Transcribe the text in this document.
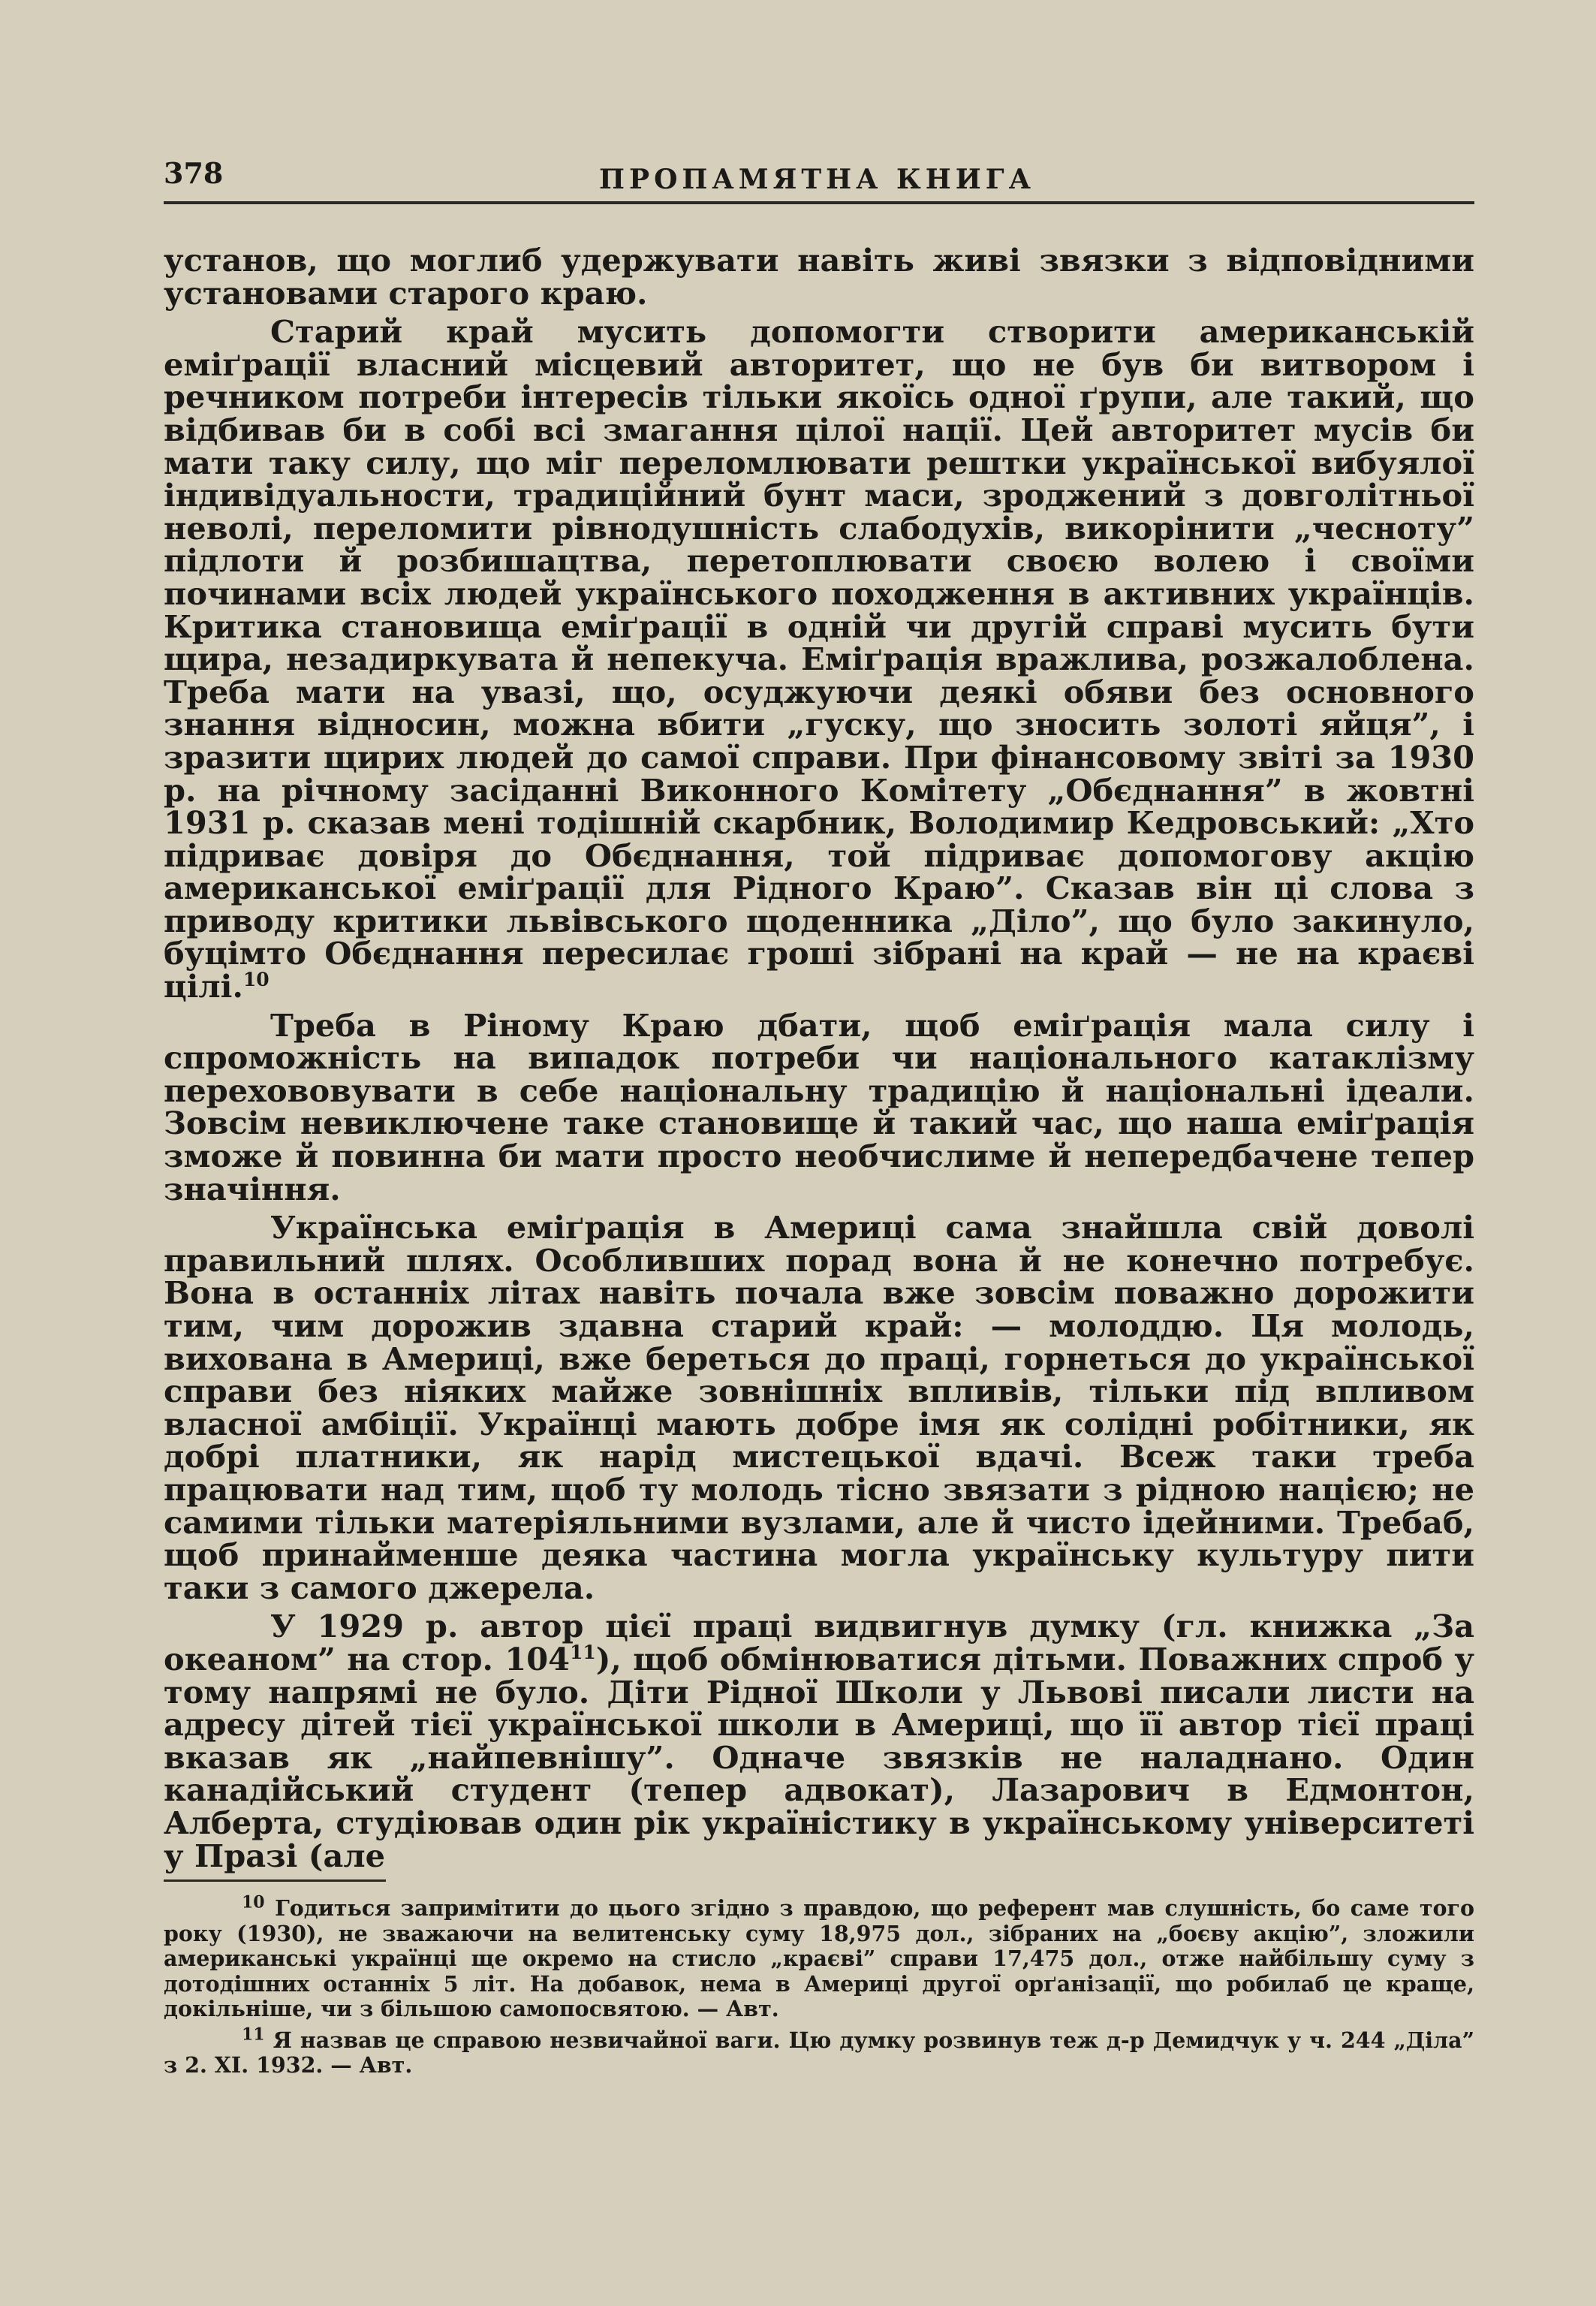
378	ПРОПАМЯТНА КНИГА

установ, що моглиб удержувати навіть живі звязки з відповідними установами старого краю.

Старий край мусить допомогти створити американській еміґрації власний місцевий авторитет, що не був би витвором і речником потреби інтересів тільки якоїсь одної ґрупи, але такий, що відбивав би в собі всі змагання цілої нації. Цей авторитет мусів би мати таку силу, що міг переломлювати рештки української вибуялої індивідуальности, традиційний бунт маси, зроджений з довголітньої неволі, переломити рівнодушність слабодухів, викорінити „чесноту” підлоти й розбишацтва, перетоплювати своєю волею і своїми починами всіх людей українського походження в активних українців. Критика становища еміґрації в одній чи другій справі мусить бути щира, незадиркувата й непекуча. Еміґрація вражлива, розжалоблена. Треба мати на увазі, що, осуджуючи деякі обяви без основного знання відносин, можна вбити „гуску, що зносить золоті яйця”, і зразити щирих людей до самої справи. При фінансовому звіті за 1930 р. на річному засіданні Виконного Комітету „Обєднання” в жовтні 1931 р. сказав мені тодішній скарбник, Володимир Кедровський: „Хто підриває довіря до Обєднання, той підриває допомогову акцію американської еміґрації для Рідного Краю”. Сказав він ці слова з приводу критики львівського щоденника „Діло”, що було закинуло, буцімто Обєднання пересилає гроші зібрані на край — не на краєві цілі.$^{10}$

Треба в Ріному Краю дбати, щоб еміґрація мала силу і спроможність на випадок потреби чи національного катаклізму перехововувати в себе національну традицію й національні ідеали. Зовсім невиключене таке становище й такий час, що наша еміґрація зможе й повинна би мати просто необчислиме й непередбачене тепер значіння.

Українська еміґрація в Америці сама знайшла свій доволі правильний шлях. Особливших порад вона й не конечно потребує. Вона в останніх літах навіть почала вже зовсім поважно дорожити тим, чим дорожив здавна старий край: — молоддю. Ця молодь, вихована в Америці, вже береться до праці, горнеться до української справи без ніяких майже зовнішніх впливів, тільки під впливом власної амбіції. Українці мають добре імя як солідні робітники, як добрі платники, як нарід мистецької вдачі. Всеж таки треба працювати над тим, щоб ту молодь тісно звязати з рідною нацією; не самими тільки матеріяльними вузлами, але й чисто ідейними. Требаб, щоб принайменше деяка частина могла українську культуру пити таки з самого джерела.

У 1929 р. автор цієї праці видвигнув думку (гл. книжка „За океаном” на стор. 104$^{11}$), щоб обмінюватися дітьми. Поважних спроб у тому напрямі не було. Діти Рідної Школи у Львові писали листи на адресу дітей тієї української школи в Америці, що її автор тієї праці вказав як „найпевнішу”. Одначе звязків не наладнано. Один канадійський студент (тепер адвокат), Лазарович в Едмонтон, Алберта, студіював один рік україністику в українському університеті у Празі (але

$^{10}$ Годиться запримітити до цього згідно з правдою, що референт мав слушність, бо саме того року (1930), не зважаючи на велитенську суму 18,975 дол., зібраних на „бoєву акцію”, зложили американські українці ще окремо на стисло „краєві” справи 17,475 дол., отже найбільшу суму з дотодішних останніх 5 літ. На добавок, нема в Америці другої орґанізації, що робилаб це краще, докільніше, чи з більшою самопосвятою. — Авт.

$^{11}$ Я назвав це справою незвичайної ваги. Цю думку розвинув теж д-р Демидчук у ч. 244 „Діла” з 2. ХІ. 1932. — Авт.
